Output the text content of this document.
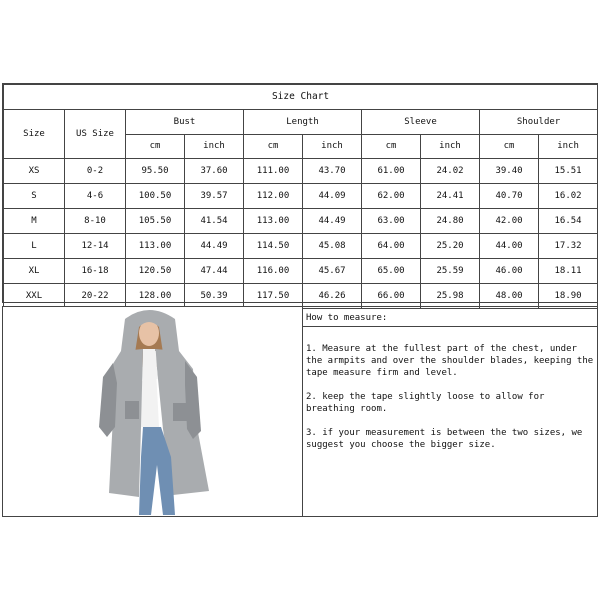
Size Chart									
Size	US Size	Bust		Length		Sleeve		Shoulder	
		cm	inch	cm	inch	cm	inch	cm	inch
XS	0-2	95.50	37.60	111.00	43.70	61.00	24.02	39.40	15.51
S	4-6	100.50	39.57	112.00	44.09	62.00	24.41	40.70	16.02
M	8-10	105.50	41.54	113.00	44.49	63.00	24.80	42.00	16.54
L	12-14	113.00	44.49	114.50	45.08	64.00	25.20	44.00	17.32
XL	16-18	120.50	47.44	116.00	45.67	65.00	25.59	46.00	18.11
XXL	20-22	128.00	50.39	117.50	46.26	66.00	25.98	48.00	18.90
How to measure:

1. Measure at the fullest part of the chest, under the armpits and over the shoulder blades, keeping the tape measure firm and level.

2. keep the tape slightly loose to allow for breathing room.

3. if your measurement is between the two sizes, we suggest you choose the bigger size.
